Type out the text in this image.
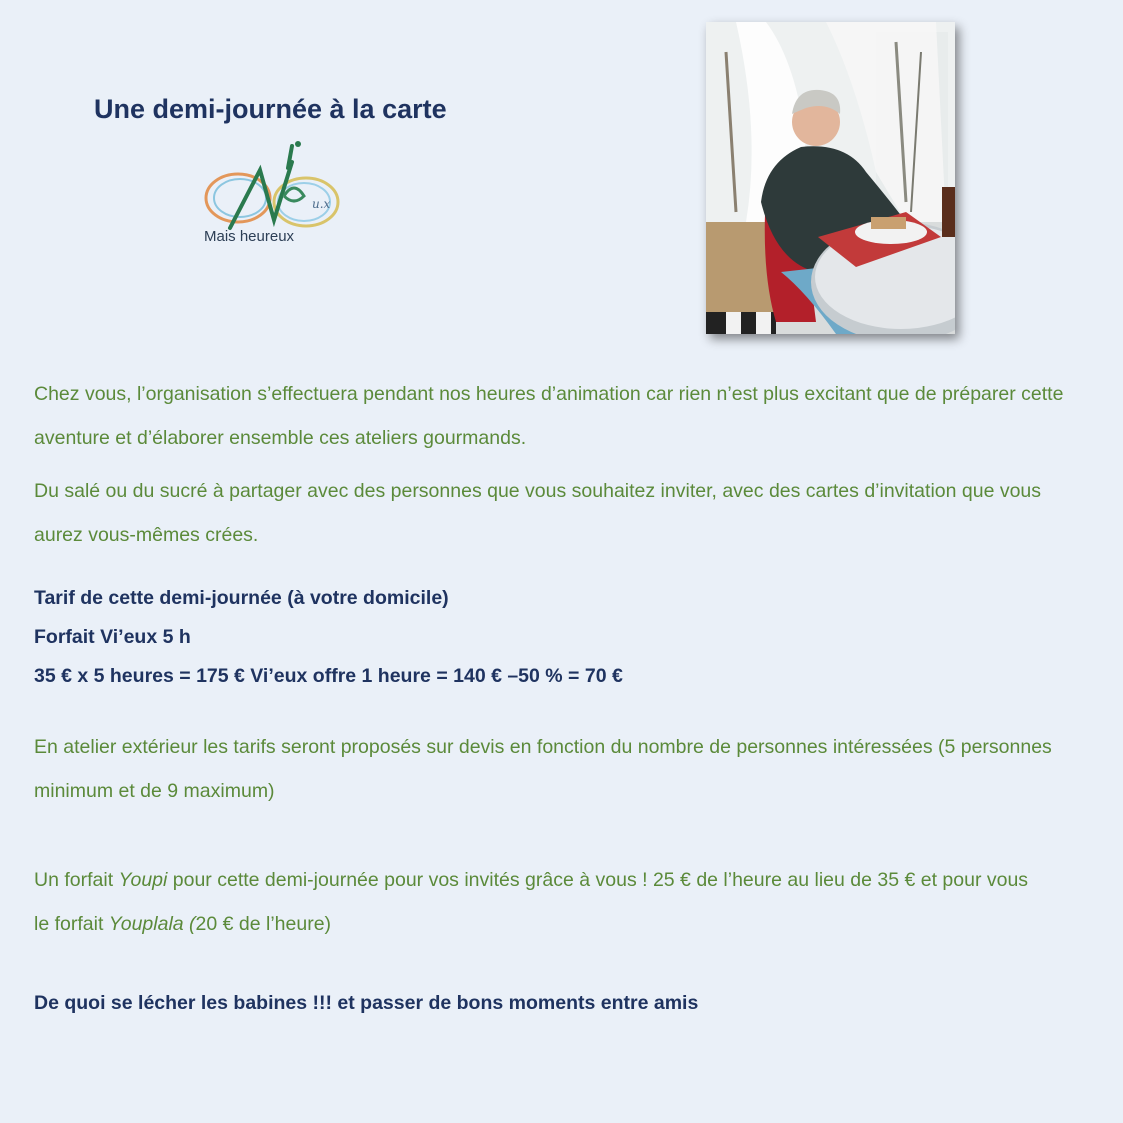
Une demi-journée à la carte
u.x
Mais heureux

Chez vous, l’organisation s’effectuera pendant nos heures d’animation car rien n’est plus excitant que de préparer cette aventure et d’élaborer ensemble ces ateliers gourmands.

Du salé ou du sucré à partager avec des personnes que vous souhaitez inviter, avec des cartes d’invitation que vous aurez vous-mêmes crées.

Tarif de cette demi-journée (à votre domicile)

Forfait Vi’eux 5 h

35 € x 5 heures = 175 € Vi’eux offre 1 heure = 140 € –50 % = 70 €

En atelier extérieur les tarifs seront proposés sur devis en fonction du nombre de personnes intéressées (5 personnes minimum et de 9 maximum)

Un forfait Youpi pour cette demi-journée pour vos invités grâce à vous ! 25 € de l’heure au lieu de 35 € et pour vous le forfait Youplala (20 € de l’heure)

De quoi se lécher les babines !!! et passer de bons moments entre amis
